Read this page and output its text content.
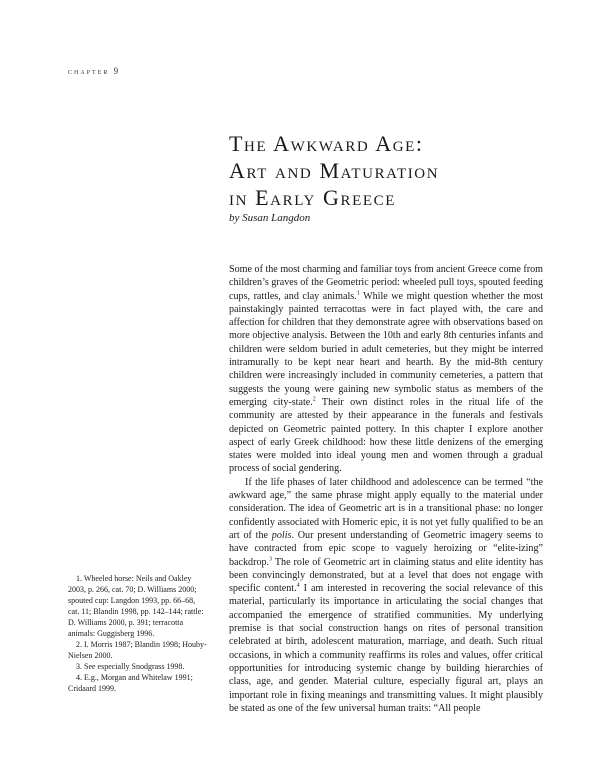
chapter 9
The Awkward Age:
Art and Maturation
in Early Greece
by Susan Langdon

Some of the most charming and familiar toys from ancient Greece come from children’s graves of the Geometric period: wheeled pull toys, spouted feeding cups, rattles, and clay animals.$^1$ While we might question whether the most painstakingly painted terracottas were in fact played with, the care and affection for children that they demonstrate agree with observations based on more objective analysis. Between the 10th and early 8th centuries infants and children were seldom buried in adult cemeteries, but they might be interred intramurally to be kept near heart and hearth. By the mid-8th century children were increasingly included in community cemeteries, a pattern that suggests the young were gaining new symbolic status as members of the emerging city-state.$^2$ Their own distinct roles in the ritual life of the community are attested by their appearance in the funerals and festivals depicted on Geometric painted pottery. In this chapter I explore another aspect of early Greek childhood: how these little denizens of the emerging states were molded into ideal young men and women through a gradual process of social gendering.

If the life phases of later childhood and adolescence can be termed “the awkward age,” the same phrase might apply equally to the material under consideration. The idea of Geometric art is in a transitional phase: no longer confidently associated with Homeric epic, it is not yet fully qualified to be an art of the polis. Our present understanding of Geometric imagery seems to have contracted from epic scope to vaguely heroizing or “elite-izing” backdrop.$^3$ The role of Geometric art in claiming status and elite identity has been convincingly demonstrated, but at a level that does not engage with specific content.$^4$ I am interested in recovering the social relevance of this material, particularly its importance in articulating the social changes that accompanied the emergence of stratified communities. My underlying premise is that social construction hangs on rites of personal transition celebrated at birth, adolescent maturation, marriage, and death. Such ritual occasions, in which a community reaffirms its roles and values, offer critical opportunities for introducing systemic change by building hierarchies of class, age, and gender. Material culture, especially figural art, plays an important role in fixing meanings and transmitting values. It might plausibly be stated as one of the few universal human traits: “All people

1. Wheeled horse: Neils and Oakley 2003, p. 266, cat. 70; D. Williams 2000; spouted cup: Langdon 1993, pp. 66–68, cat. 11; Blandin 1998, pp. 142–144; rattle: D. Williams 2000, p. 391; terracotta animals: Guggisberg 1996.

2. I. Morris 1987; Blandin 1998; Houby-Nielsen 2000.

3. See especially Snodgrass 1998.

4. E.g., Morgan and Whitelaw 1991; Cridaard 1999.
